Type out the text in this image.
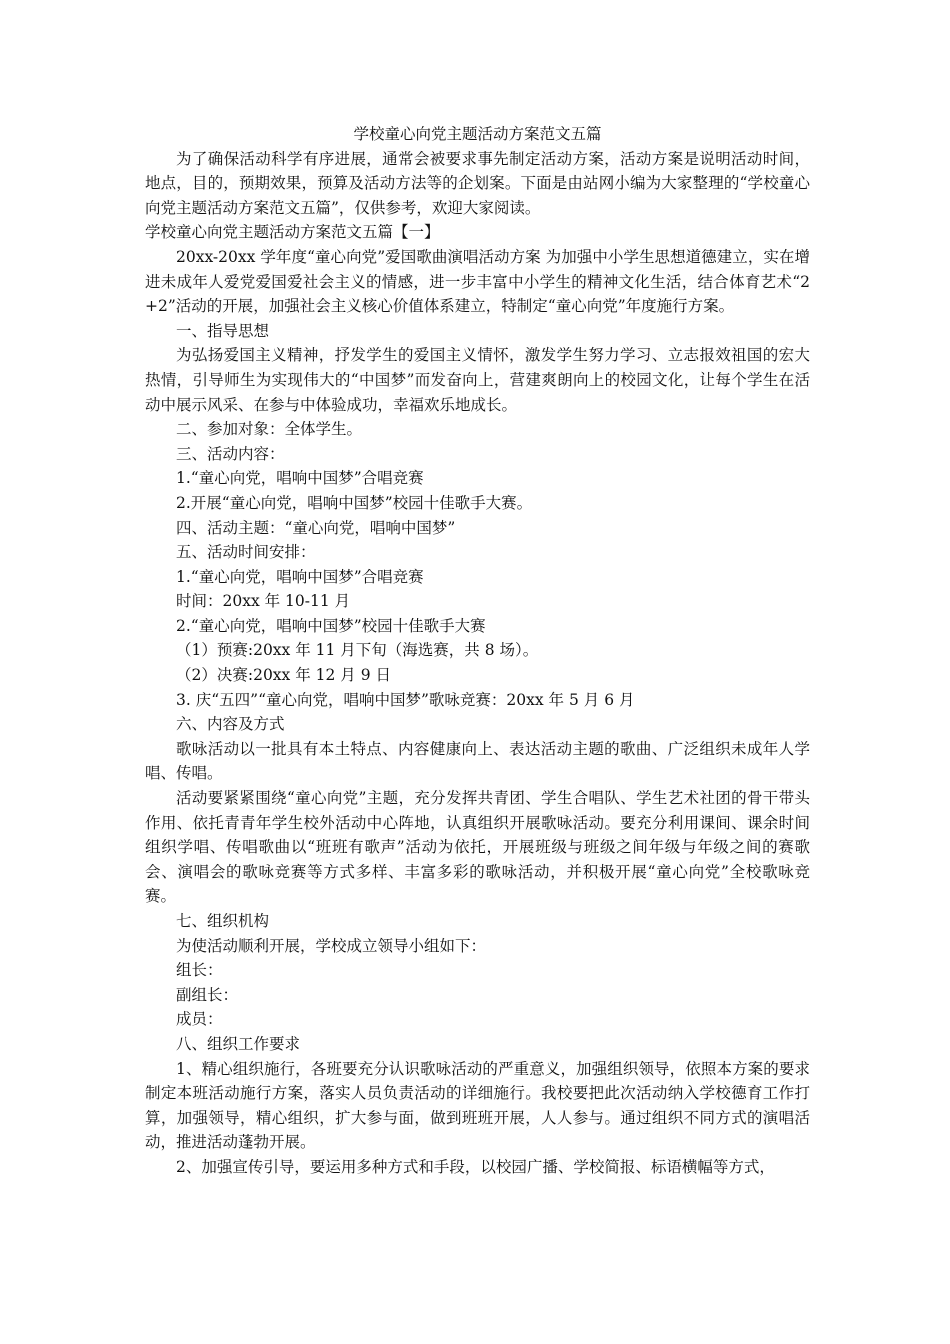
学校童心向党主题活动方案范文五篇

为了确保活动科学有序进展，通常会被要求事先制定活动方案，活动方案是说明活动时间，地点，目的，预期效果，预算及活动方法等的企划案。下面是由站网小编为大家整理的“学校童心向党主题活动方案范文五篇”，仅供参考，欢迎大家阅读。

学校童心向党主题活动方案范文五篇【一】

20xx-20xx 学年度“童心向党”爱国歌曲演唱活动方案 为加强中小学生思想道德建立，实在增进未成年人爱党爱国爱社会主义的情感，进一步丰富中小学生的精神文化生活，结合体育艺术“2+2”活动的开展，加强社会主义核心价值体系建立，特制定“童心向党”年度施行方案。

一、指导思想

为弘扬爱国主义精神，抒发学生的爱国主义情怀，激发学生努力学习、立志报效祖国的宏大热情，引导师生为实现伟大的“中国梦”而发奋向上，营建爽朗向上的校园文化，让每个学生在活动中展示风采、在参与中体验成功，幸福欢乐地成长。

二、参加对象：全体学生。

三、活动内容：

1.“童心向党，唱响中国梦”合唱竞赛

2.开展“童心向党，唱响中国梦”校园十佳歌手大赛。

四、活动主题：“童心向党，唱响中国梦”

五、活动时间安排：

1.“童心向党，唱响中国梦”合唱竞赛

时间：20xx 年 10-11 月

2.“童心向党，唱响中国梦”校园十佳歌手大赛

（1）预赛:20xx 年 11 月下旬（海选赛，共 8 场）。

（2）决赛:20xx 年 12 月 9 日

3. 庆“五四”“童心向党，唱响中国梦”歌咏竞赛：20xx 年 5 月 6 月

六、内容及方式

歌咏活动以一批具有本土特点、内容健康向上、表达活动主题的歌曲、广泛组织未成年人学唱、传唱。

活动要紧紧围绕“童心向党”主题，充分发挥共青团、学生合唱队、学生艺术社团的骨干带头作用、依托青青年学生校外活动中心阵地，认真组织开展歌咏活动。要充分利用课间、课余时间组织学唱、传唱歌曲以“班班有歌声”活动为依托，开展班级与班级之间年级与年级之间的赛歌会、演唱会的歌咏竞赛等方式多样、丰富多彩的歌咏活动，并积极开展“童心向党”全校歌咏竞赛。

七、组织机构

为使活动顺利开展，学校成立领导小组如下：

组长：

副组长：

成员：

八、组织工作要求

1、精心组织施行，各班要充分认识歌咏活动的严重意义，加强组织领导，依照本方案的要求制定本班活动施行方案，落实人员负责活动的详细施行。我校要把此次活动纳入学校德育工作打算，加强领导，精心组织，扩大参与面，做到班班开展，人人参与。通过组织不同方式的演唱活动，推进活动蓬勃开展。

2、加强宣传引导，要运用多种方式和手段，以校园广播、学校简报、标语横幅等方式，
